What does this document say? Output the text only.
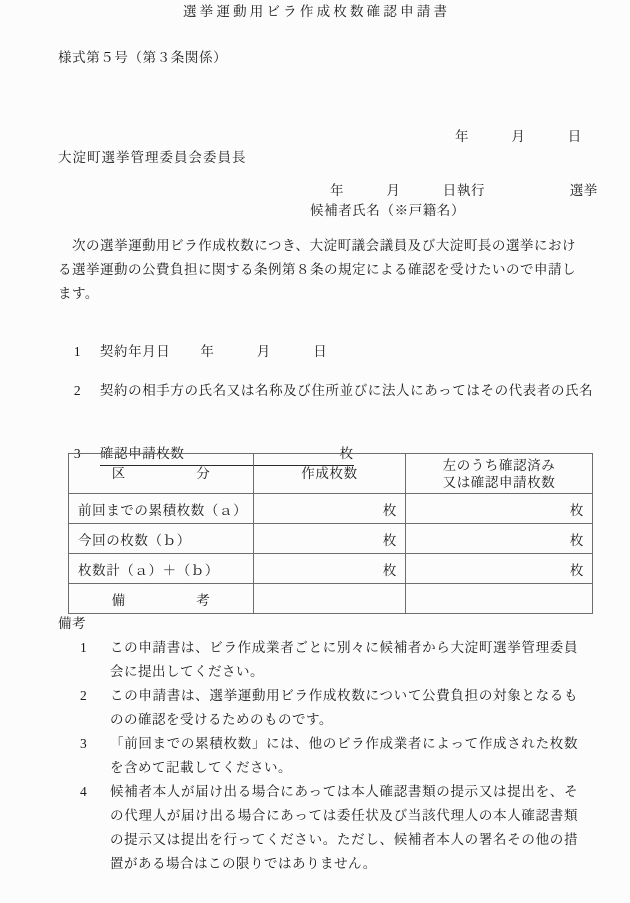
様式第５号（第３条関係）
選挙運動用ビラ作成枚数確認申請書
年　　　月　　　日
大淀町選挙管理委員会委員長
年　　　月　　　日執行　　　　　　選挙
候補者氏名（※戸籍名）
次の選挙運動用ビラ作成枚数につき、大淀町議会議員及び大淀町長の選挙における選挙運動の公費負担に関する条例第８条の規定による確認を受けたいので申請します。

1 契約年月日 年　　　月　　　日

2 契約の相手方の氏名又は名称及び住所並びに法人にあってはその代表者の氏名

3 確認申請枚数　　　　　　　　　　　枚

区　　　　　分	作成枚数	左のうち確認済み
又は確認申請枚数

前回までの累積枚数（ａ）	枚	枚
今回の枚数（ｂ）	枚	枚
枚数計（ａ）＋（ｂ）	枚	枚
備　　　　　考		
備考
1	この申請書は、ビラ作成業者ごとに別々に候補者から大淀町選挙管理委員会に提出してください。
2	この申請書は、選挙運動用ビラ作成枚数について公費負担の対象となるものの確認を受けるためのものです。
3	「前回までの累積枚数」には、他のビラ作成業者によって作成された枚数を含めて記載してください。
4	候補者本人が届け出る場合にあっては本人確認書類の提示又は提出を、その代理人が届け出る場合にあっては委任状及び当該代理人の本人確認書類の提示又は提出を行ってください。ただし、候補者本人の署名その他の措置がある場合はこの限りではありません。
